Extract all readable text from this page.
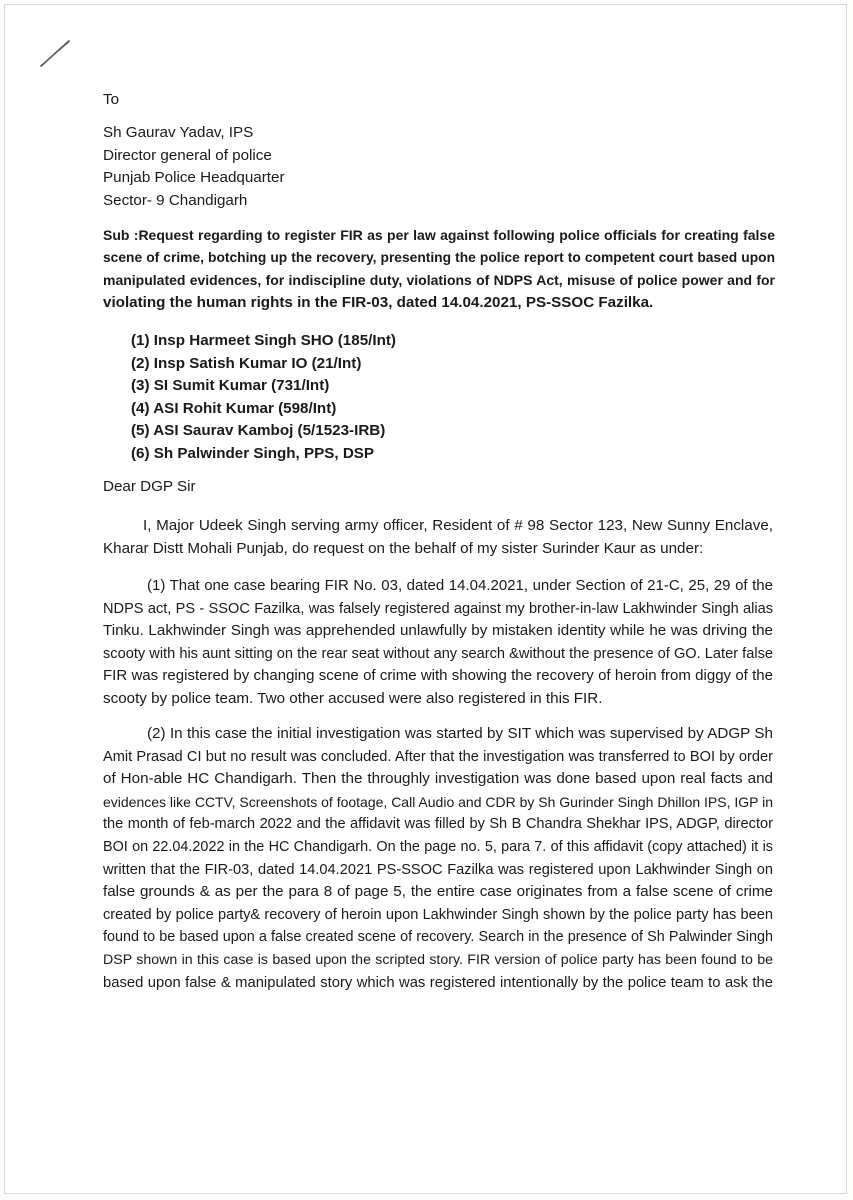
To
Sh Gaurav Yadav, IPS
Director general of police
Punjab Police Headquarter
Sector- 9 Chandigarh
Sub :Request regarding to register FIR as per law against following police officials for creating false
scene of crime, botching up the recovery, presenting the police report to competent court based upon
manipulated evidences, for indiscipline duty, violations of NDPS Act, misuse of police power and for
violating the human rights in the FIR-03, dated 14.04.2021, PS-SSOC Fazilka.
(1) Insp Harmeet Singh SHO (185/Int)
(2) Insp Satish Kumar IO (21/Int)
(3) SI Sumit Kumar (731/Int)
(4) ASI Rohit Kumar (598/Int)
(5) ASI Saurav Kamboj (5/1523-IRB)
(6) Sh Palwinder Singh, PPS, DSP
Dear DGP Sir
I, Major Udeek Singh serving army officer, Resident of # 98 Sector 123, New Sunny Enclave,
Kharar Distt Mohali Punjab, do request on the behalf of my sister Surinder Kaur as under:
(1) That one case bearing FIR No. 03, dated 14.04.2021, under Section of 21-C, 25, 29 of the
NDPS act, PS - SSOC Fazilka, was falsely registered against my brother-in-law Lakhwinder Singh alias
Tinku. Lakhwinder Singh was apprehended unlawfully by mistaken identity while he was driving the
scooty with his aunt sitting on the rear seat without any search &without the presence of GO. Later false
FIR was registered by changing scene of crime with showing the recovery of heroin from diggy of the
scooty by police team. Two other accused were also registered in this FIR.
(2) In this case the initial investigation was started by SIT which was supervised by ADGP Sh
Amit Prasad CI but no result was concluded. After that the investigation was transferred to BOI by order
of Hon-able HC Chandigarh. Then the throughly investigation was done based upon real facts and
evidences like CCTV, Screenshots of footage, Call Audio and CDR by Sh Gurinder Singh Dhillon IPS, IGP in
the month of feb-march 2022 and the affidavit was filled by Sh B Chandra Shekhar IPS, ADGP, director
BOI on 22.04.2022 in the HC Chandigarh. On the page no. 5, para 7. of this affidavit (copy attached) it is
written that the FIR-03, dated 14.04.2021 PS-SSOC Fazilka was registered upon Lakhwinder Singh on
false grounds & as per the para 8 of page 5, the entire case originates from a false scene of crime
created by police party& recovery of heroin upon Lakhwinder Singh shown by the police party has been
found to be based upon a false created scene of recovery. Search in the presence of Sh Palwinder Singh
DSP shown in this case is based upon the scripted story. FIR version of police party has been found to be
based upon false & manipulated story which was registered intentionally by the police team to ask the
